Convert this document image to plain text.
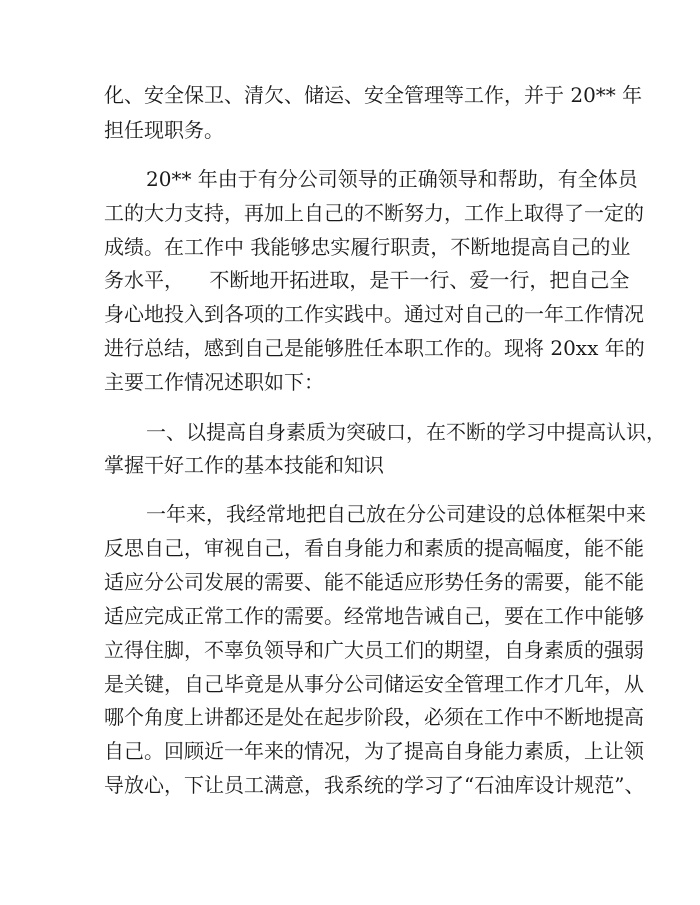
化、安全保卫、清欠、储运、安全管理等工作，并于 20** 年
担任现职务。
20** 年由于有分公司领导的正确领导和帮助，有全体员
工的大力支持，再加上自己的不断努力，工作上取得了一定的
成绩。在工作中 我能够忠实履行职责，不断地提高自己的业
务水平，    不断地开拓进取，是干一行、爱一行，把自己全
身心地投入到各项的工作实践中。通过对自己的一年工作情况
进行总结，感到自己是能够胜任本职工作的。现将 20xx 年的
主要工作情况述职如下：
一、以提高自身素质为突破口，在不断的学习中提高认识，
掌握干好工作的基本技能和知识
一年来，我经常地把自己放在分公司建设的总体框架中来
反思自己，审视自己，看自身能力和素质的提高幅度，能不能
适应分公司发展的需要、能不能适应形势任务的需要，能不能
适应完成正常工作的需要。经常地告诫自己，要在工作中能够
立得住脚，不辜负领导和广大员工们的期望，自身素质的强弱
是关键，自己毕竟是从事分公司储运安全管理工作才几年，从
哪个角度上讲都还是处在起步阶段，必须在工作中不断地提高
自己。回顾近一年来的情况，为了提高自身能力素质，上让领
导放心，下让员工满意，我系统的学习了“石油库设计规范”、
